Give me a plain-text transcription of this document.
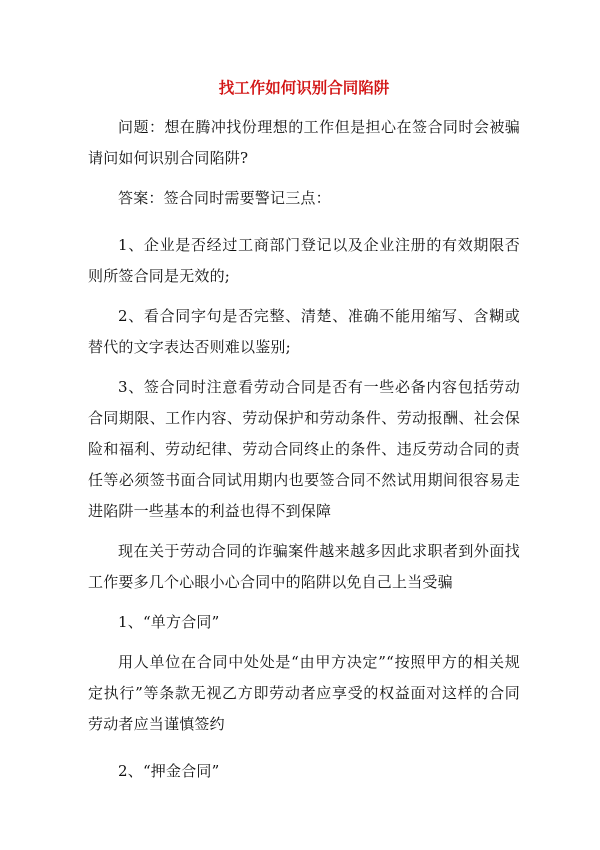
找工作如何识别合同陷阱

问题：想在腾冲找份理想的工作但是担心在签合同时会被骗请问如何识别合同陷阱?

答案：签合同时需要警记三点：

1、企业是否经过工商部门登记以及企业注册的有效期限否则所签合同是无效的;

2、看合同字句是否完整、清楚、准确不能用缩写、含糊或替代的文字表达否则难以鉴别;

3、签合同时注意看劳动合同是否有一些必备内容包括劳动合同期限、工作内容、劳动保护和劳动条件、劳动报酬、社会保险和福利、劳动纪律、劳动合同终止的条件、违反劳动合同的责任等必须签书面合同试用期内也要签合同不然试用期间很容易走进陷阱一些基本的利益也得不到保障

现在关于劳动合同的诈骗案件越来越多因此求职者到外面找工作要多几个心眼小心合同中的陷阱以免自己上当受骗

1、“单方合同”

用人单位在合同中处处是“由甲方决定”“按照甲方的相关规定执行”等条款无视乙方即劳动者应享受的权益面对这样的合同劳动者应当谨慎签约

2、“押金合同”
